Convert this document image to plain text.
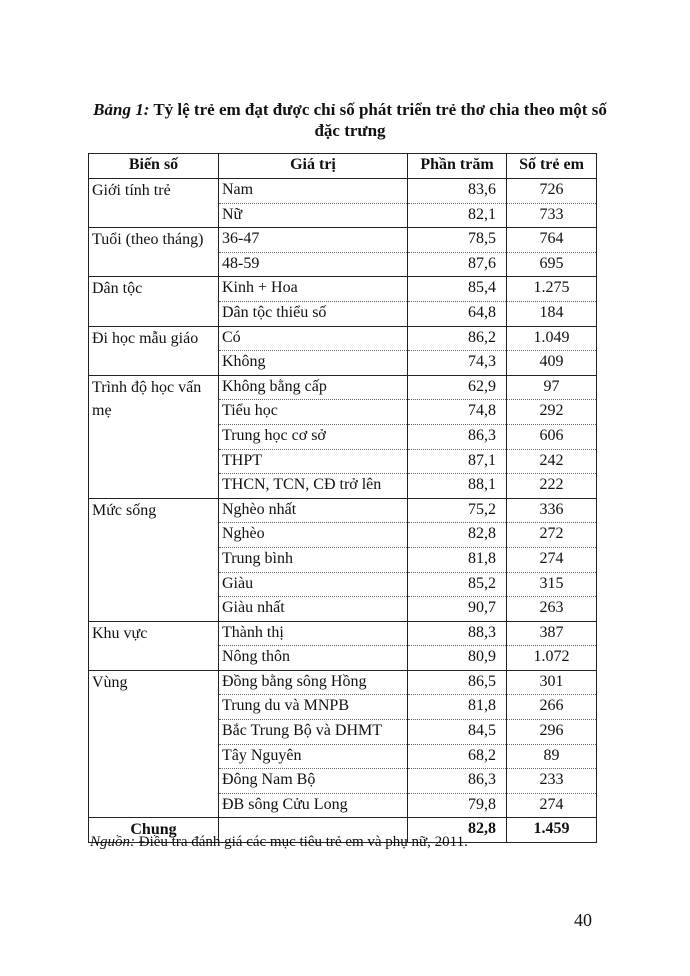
Bảng 1: Tỷ lệ trẻ em đạt được chỉ số phát triển trẻ thơ chia theo một số đặc trưng
Biến số	Giá trị	Phần trăm	Số trẻ em
Giới tính trẻ	Nam	83,6	726
	Nữ	82,1	733
Tuổi (theo tháng)	36-47	78,5	764
	48-59	87,6	695
Dân tộc	Kinh + Hoa	85,4	1.275
	Dân tộc thiểu số	64,8	184
Đi học mẫu giáo	Có	86,2	1.049
	Không	74,3	409
Trình độ học vấn mẹ	Không bằng cấp	62,9	97
	Tiểu học	74,8	292
	Trung học cơ sở	86,3	606
	THPT	87,1	242
	THCN, TCN, CĐ trở lên	88,1	222
Mức sống	Nghèo nhất	75,2	336
	Nghèo	82,8	272
	Trung bình	81,8	274
	Giàu	85,2	315
	Giàu nhất	90,7	263
Khu vực	Thành thị	88,3	387
	Nông thôn	80,9	1.072
Vùng	Đồng bằng sông Hồng	86,5	301
	Trung du và MNPB	81,8	266
	Bắc Trung Bộ và DHMT	84,5	296
	Tây Nguyên	68,2	89
	Đông Nam Bộ	86,3	233
	ĐB sông Cửu Long	79,8	274
Chung		82,8	1.459
Nguồn: Điều tra đánh giá các mục tiêu trẻ em và phụ nữ, 2011.
40
